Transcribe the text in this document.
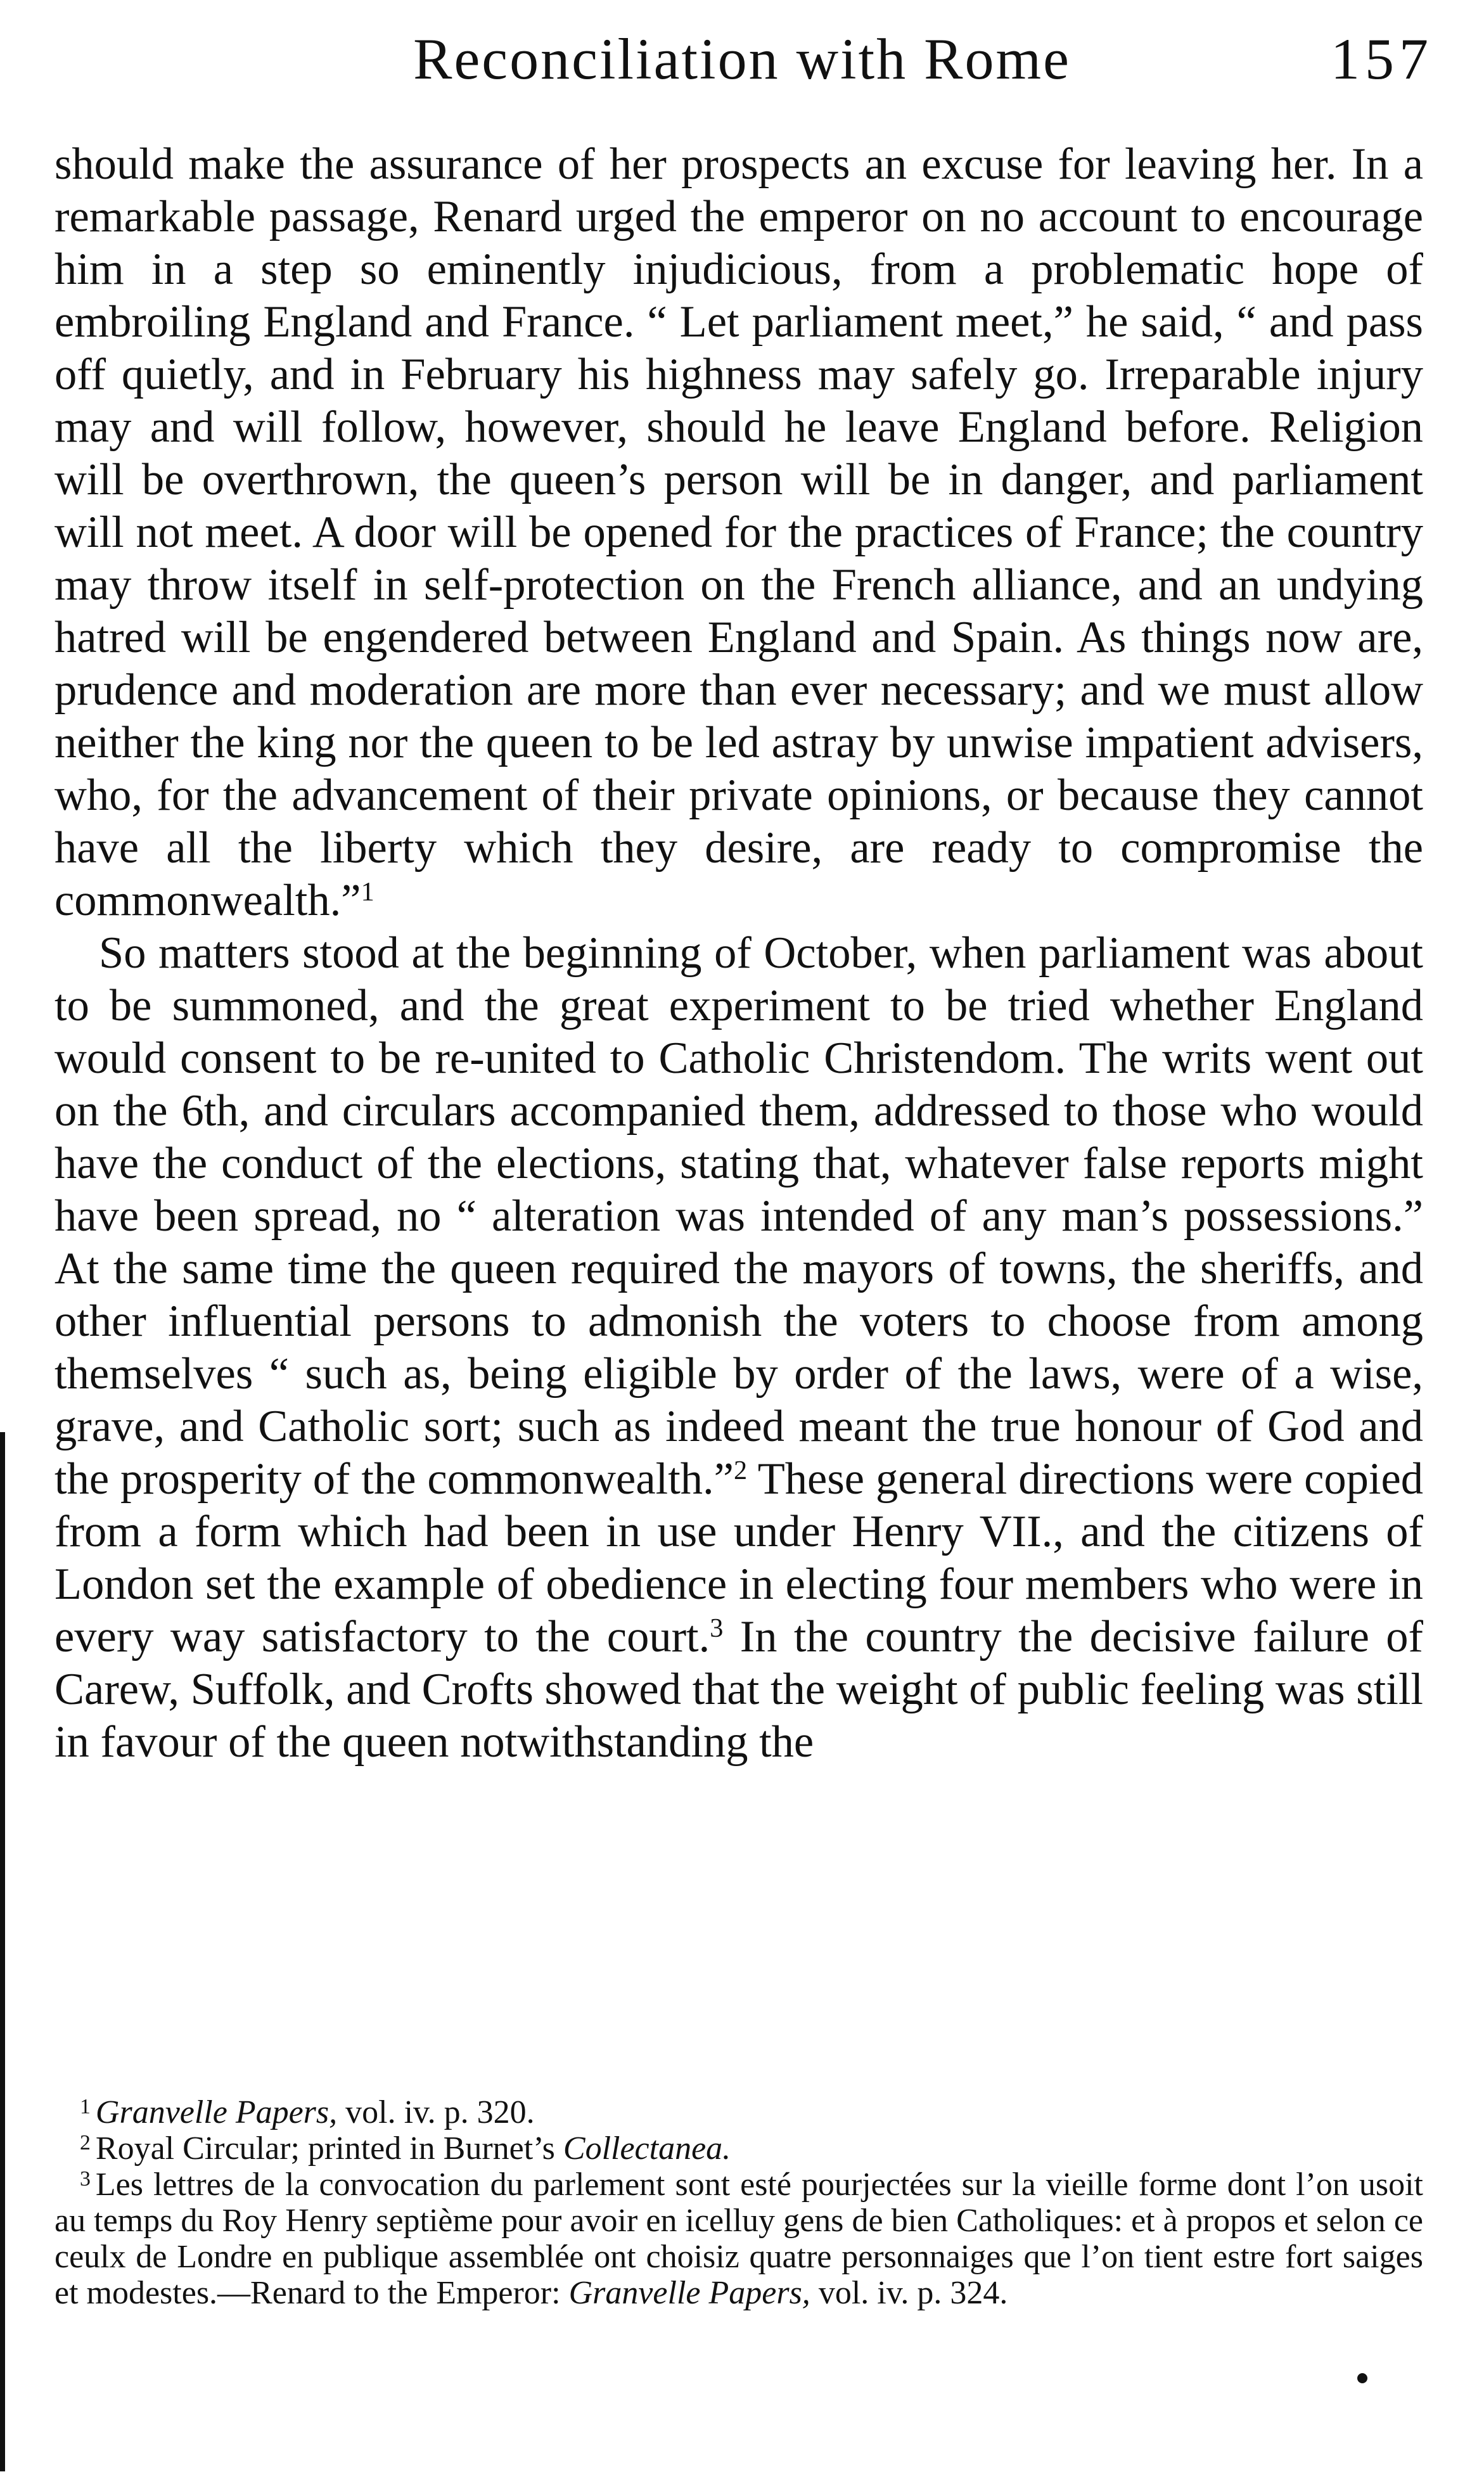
Reconciliation with Rome	157

should make the assurance of her prospects an excuse for leaving her. In a remarkable passage, Renard urged the emperor on no account to encourage him in a step so eminently injudicious, from a problematic hope of embroiling England and France. “ Let parliament meet,” he said, “ and pass off quietly, and in February his highness may safely go. Irreparable injury may and will follow, however, should he leave England before. Religion will be overthrown, the queen’s person will be in danger, and parliament will not meet. A door will be opened for the practices of France; the country may throw itself in self-protection on the French alliance, and an undying hatred will be engendered between England and Spain. As things now are, prudence and moderation are more than ever necessary; and we must allow neither the king nor the queen to be led astray by unwise impatient advisers, who, for the advancement of their private opinions, or because they cannot have all the liberty which they desire, are ready to compromise the commonwealth.”$^1$

So matters stood at the beginning of October, when parliament was about to be summoned, and the great experiment to be tried whether England would consent to be re-united to Catholic Christendom. The writs went out on the 6th, and circulars accompanied them, addressed to those who would have the conduct of the elections, stating that, whatever false reports might have been spread, no “ alteration was intended of any man’s possessions.” At the same time the queen required the mayors of towns, the sheriffs, and other influential persons to admonish the voters to choose from among themselves “ such as, being eligible by order of the laws, were of a wise, grave, and Catholic sort; such as indeed meant the true honour of God and the prosperity of the commonwealth.”$^2$ These general directions were copied from a form which had been in use under Henry VII., and the citizens of London set the example of obedience in electing four members who were in every way satisfactory to the court.$^3$ In the country the decisive failure of Carew, Suffolk, and Crofts showed that the weight of public feeling was still in favour of the queen notwithstanding the

$^1$ Granvelle Papers, vol. iv. p. 320.

$^2$ Royal Circular; printed in Burnet’s Collectanea.

$^3$ Les lettres de la convocation du parlement sont esté pourjectées sur la vieille forme dont l’on usoit au temps du Roy Henry septième pour avoir en icelluy gens de bien Catholiques: et à propos et selon ce ceulx de Londre en publique assemblée ont choisiz quatre personnaiges que l’on tient estre fort saiges et modestes.—Renard to the Emperor: Granvelle Papers, vol. iv. p. 324.
